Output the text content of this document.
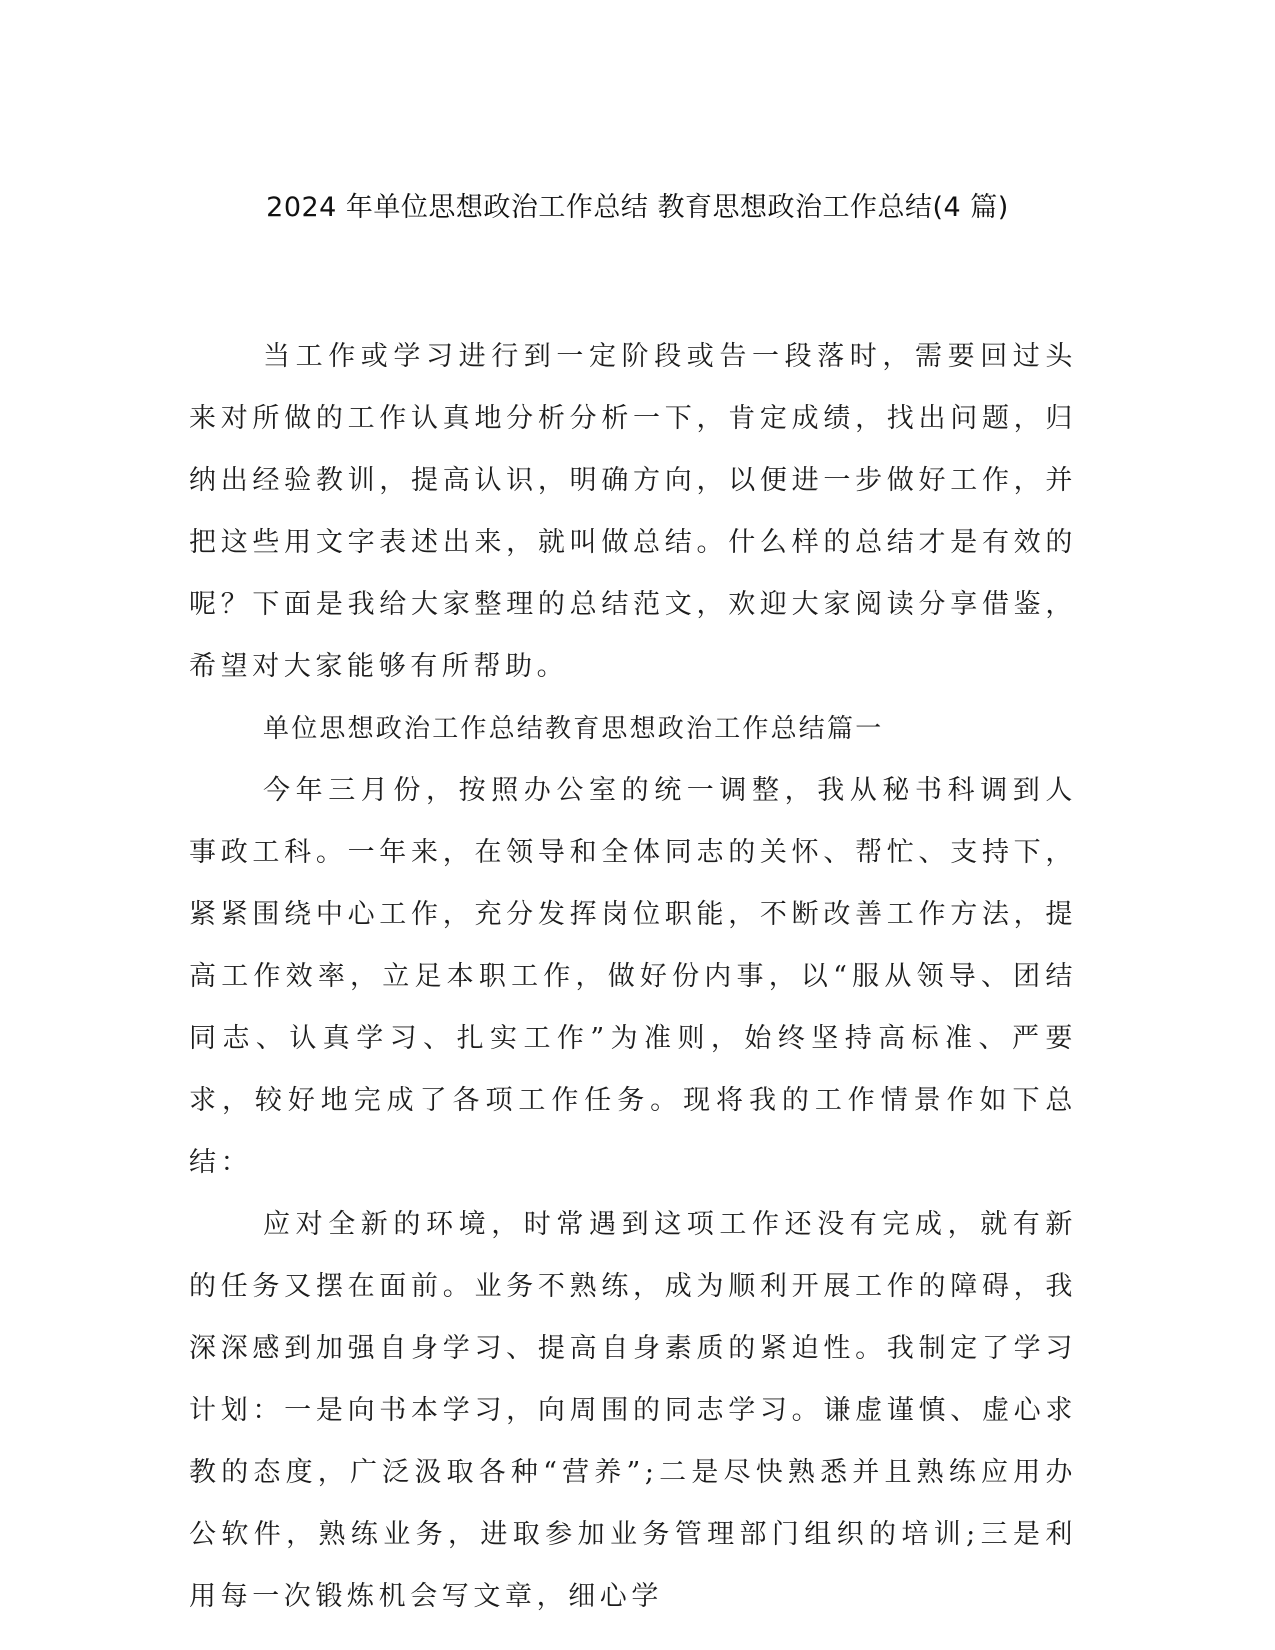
2024 年单位思想政治工作总结 教育思想政治工作总结(4 篇)

当工作或学习进行到一定阶段或告一段落时，需要回过头来对所做的工作认真地分析分析一下，肯定成绩，找出问题，归纳出经验教训，提高认识，明确方向，以便进一步做好工作，并把这些用文字表述出来，就叫做总结。什么样的总结才是有效的呢？下面是我给大家整理的总结范文，欢迎大家阅读分享借鉴，希望对大家能够有所帮助。

单位思想政治工作总结教育思想政治工作总结篇一

今年三月份，按照办公室的统一调整，我从秘书科调到人事政工科。一年来，在领导和全体同志的关怀、帮忙、支持下，紧紧围绕中心工作，充分发挥岗位职能，不断改善工作方法，提高工作效率，立足本职工作，做好份内事，以“服从领导、团结同志、认真学习、扎实工作”为准则，始终坚持高标准、严要求，较好地完成了各项工作任务。现将我的工作情景作如下总结：

应对全新的环境，时常遇到这项工作还没有完成，就有新的任务又摆在面前。业务不熟练，成为顺利开展工作的障碍，我深深感到加强自身学习、提高自身素质的紧迫性。我制定了学习计划：一是向书本学习，向周围的同志学习。谦虚谨慎、虚心求教的态度，广泛汲取各种“营养”;二是尽快熟悉并且熟练应用办公软件，熟练业务，进取参加业务管理部门组织的培训;三是利用每一次锻炼机会写文章，细心学
